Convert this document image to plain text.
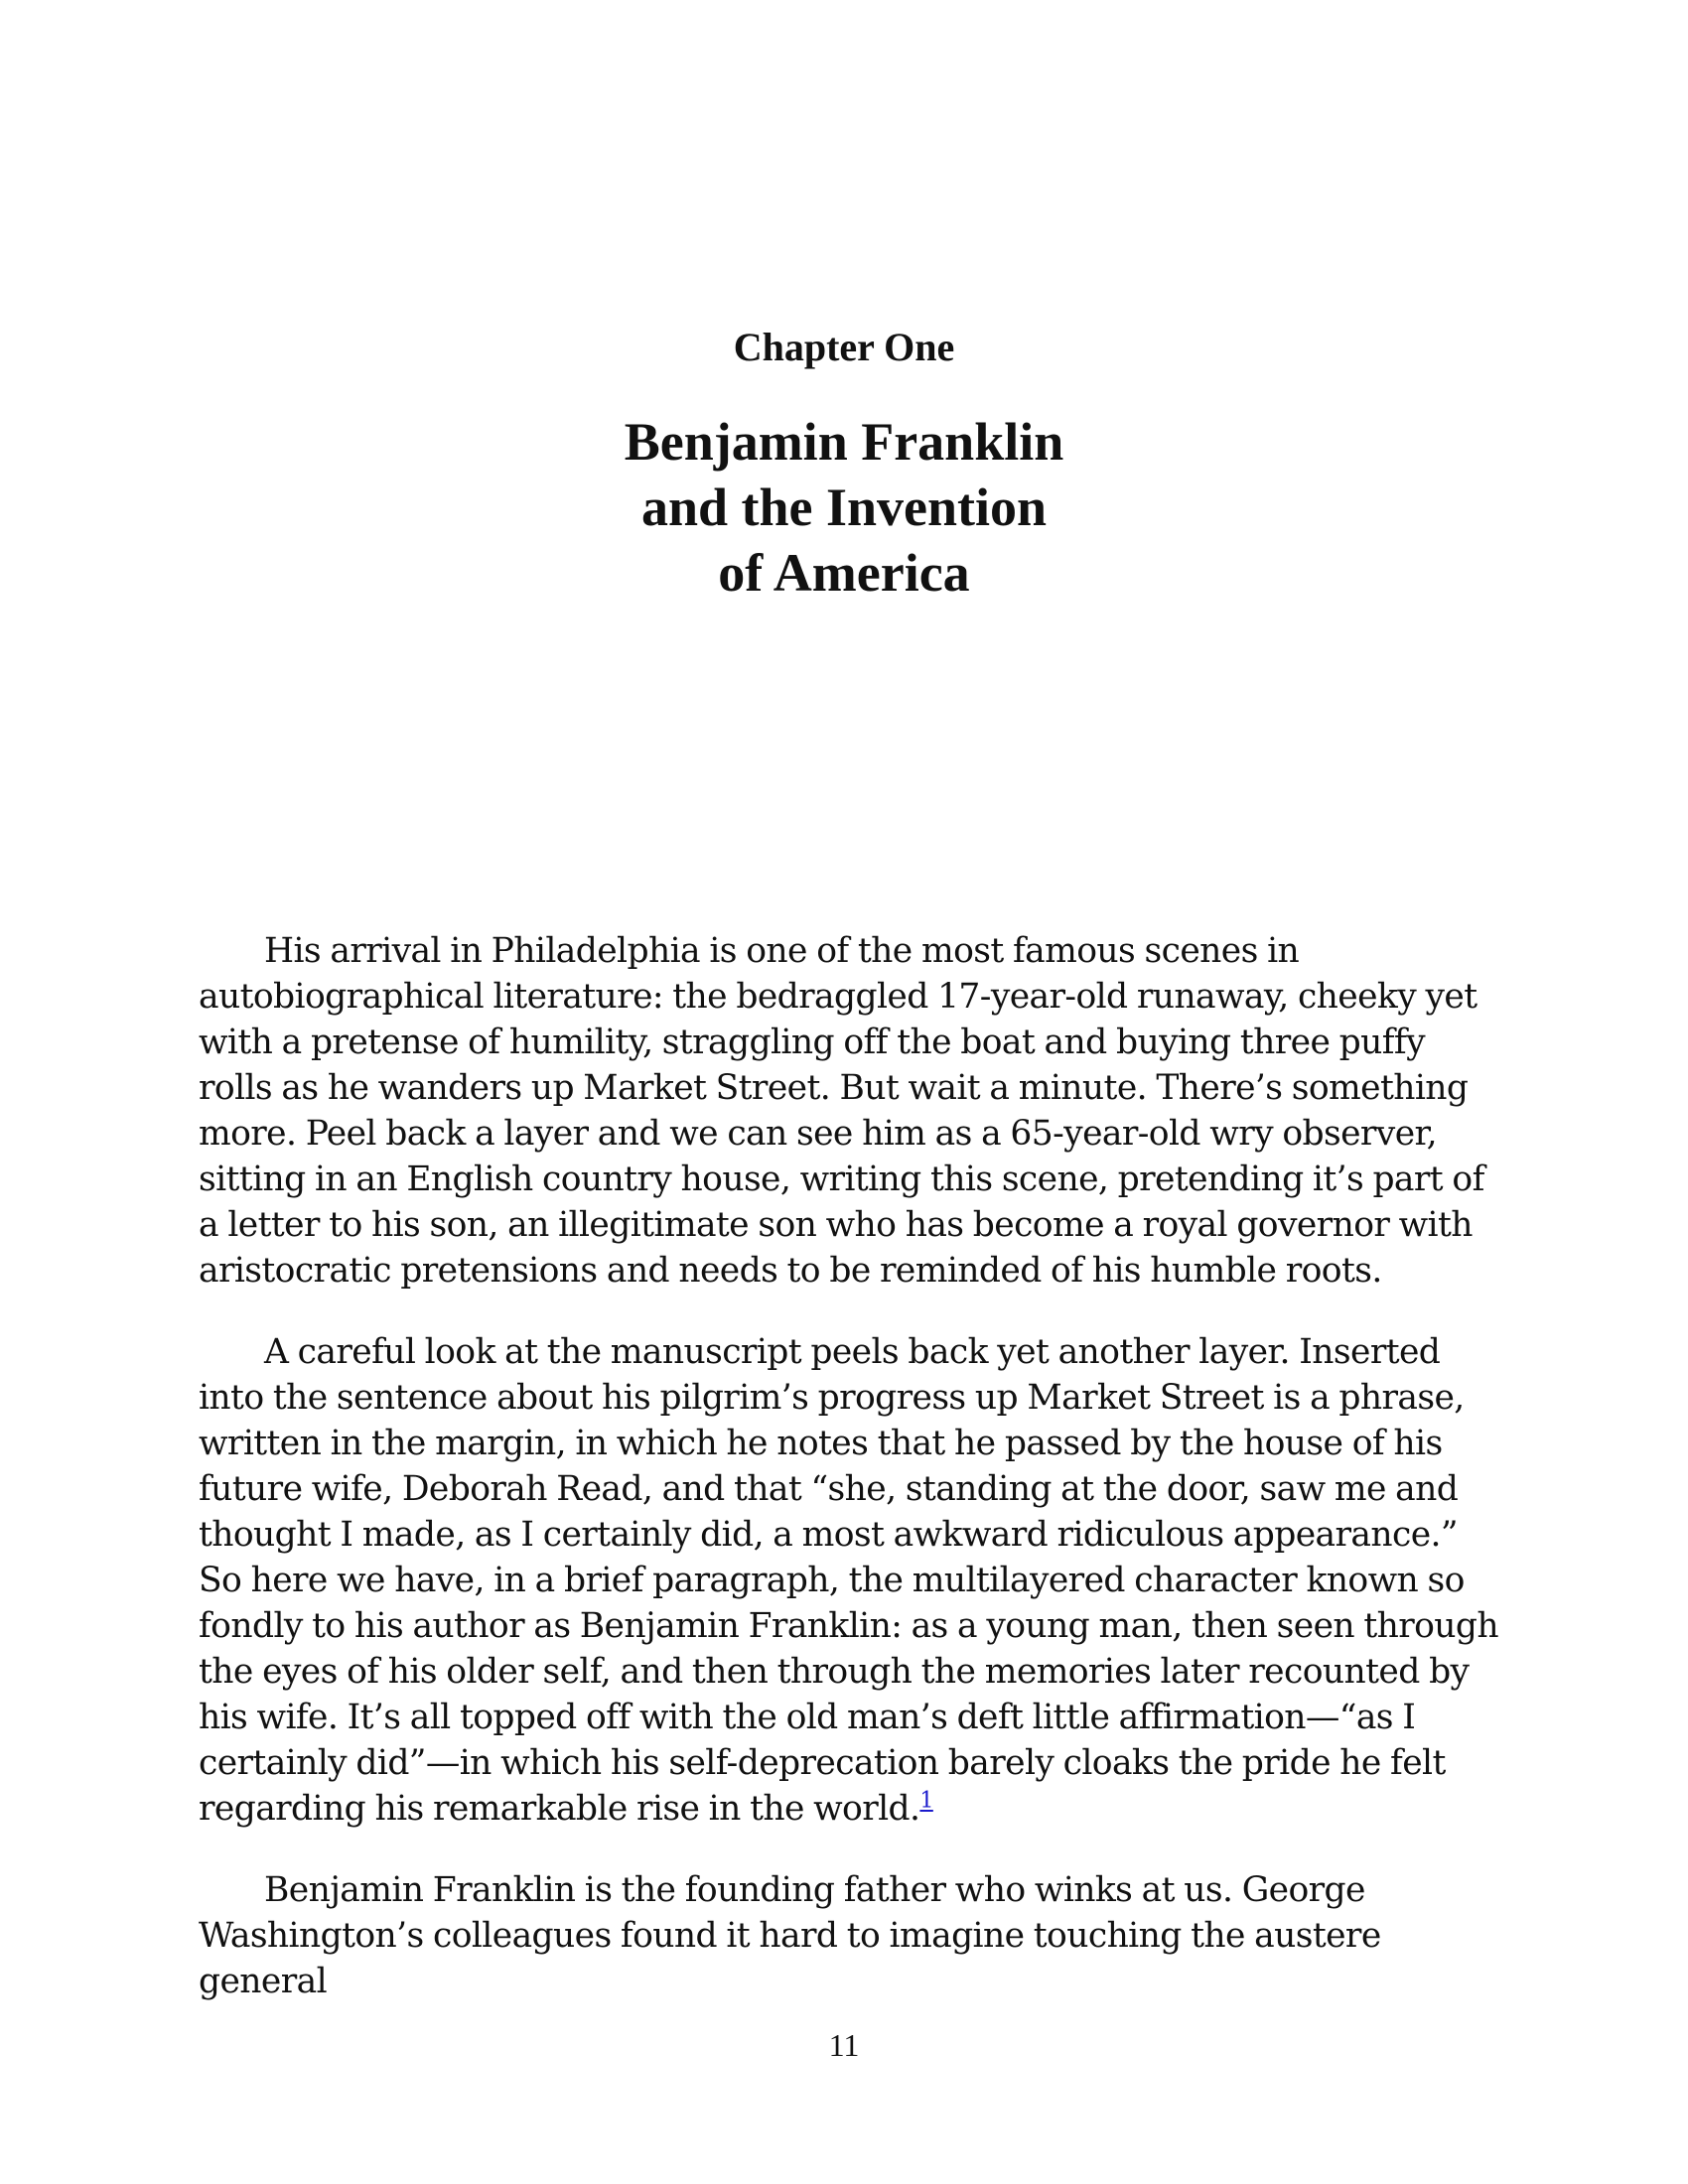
Chapter One
Benjamin Franklin
and the Invention
of America

His arrival in Philadelphia is one of the most famous scenes in autobiographical literature: the bedraggled 17-year-old runaway, cheeky yet with a pretense of humility, straggling off the boat and buying three puffy rolls as he wanders up Market Street. But wait a minute. There’s something more. Peel back a layer and we can see him as a 65-year-old wry observer, sitting in an English country house, writing this scene, pretending it’s part of a letter to his son, an illegitimate son who has become a royal governor with aristocratic pretensions and needs to be reminded of his humble roots.

A careful look at the manuscript peels back yet another layer. Inserted into the sentence about his pilgrim’s progress up Market Street is a phrase, written in the margin, in which he notes that he passed by the house of his future wife, Deborah Read, and that “she, standing at the door, saw me and thought I made, as I certainly did, a most awkward ridiculous appearance.” So here we have, in a brief paragraph, the multilayered character known so fondly to his author as Benjamin Franklin: as a young man, then seen through the eyes of his older self, and then through the memories later recounted by his wife. It’s all topped off with the old man’s deft little affirmation—“as I certainly did”—in which his self-deprecation barely cloaks the pride he felt regarding his remarkable rise in the world.$^1$

Benjamin Franklin is the founding father who winks at us. George Washington’s colleagues found it hard to imagine touching the austere general

11
